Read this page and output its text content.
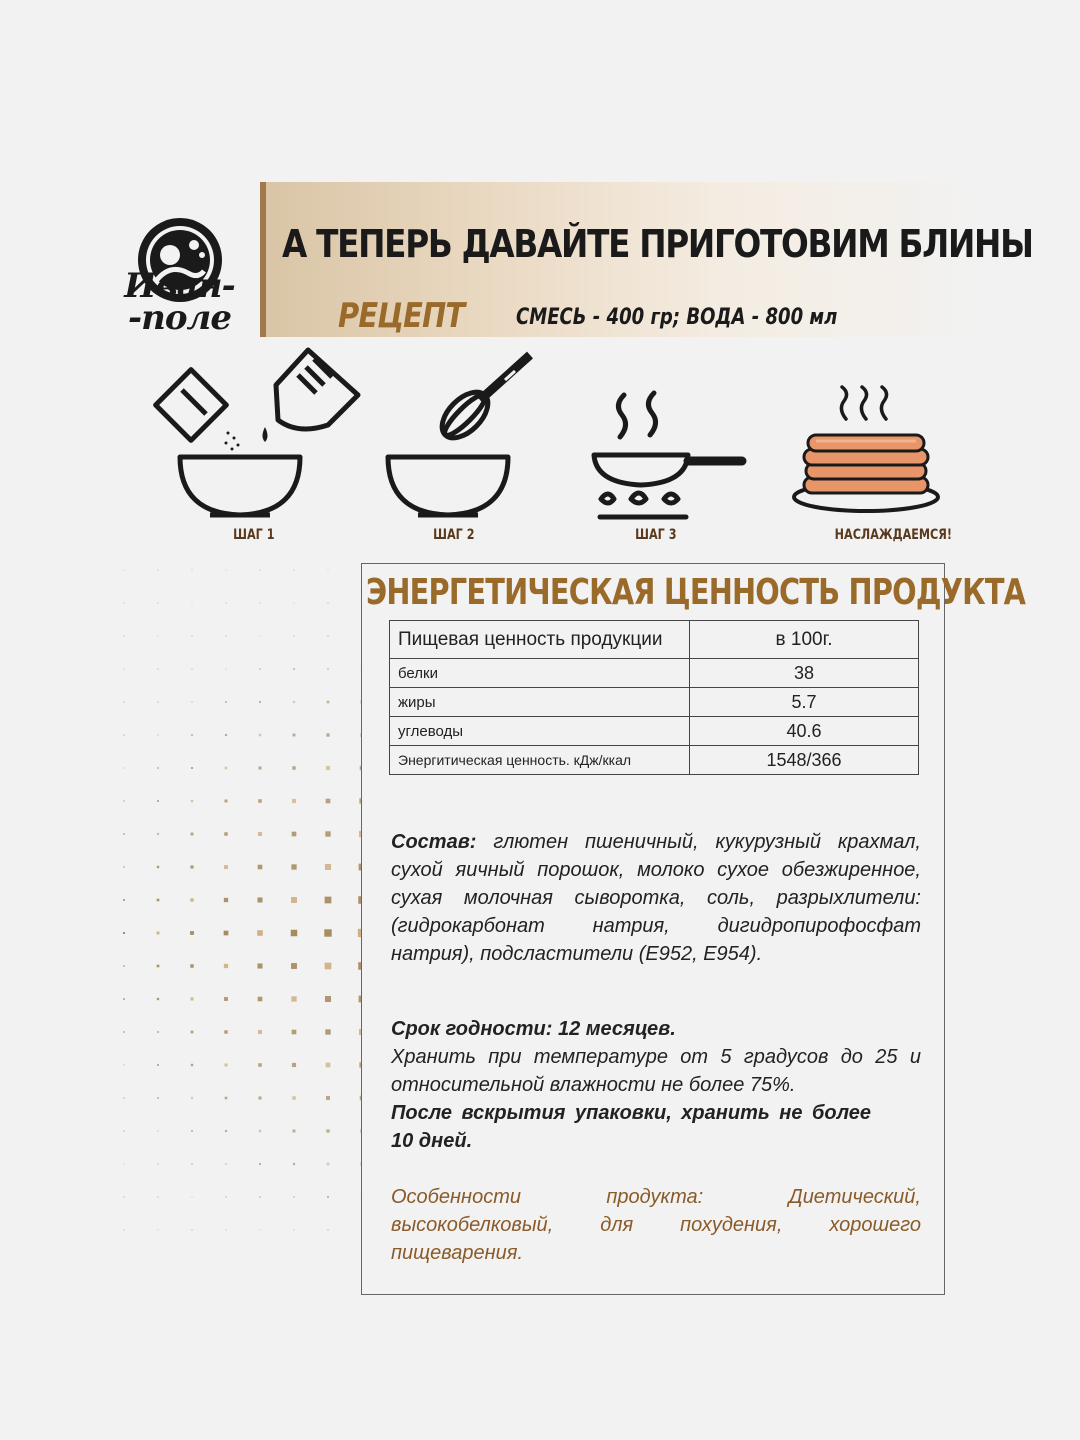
Иван-
-поле
А ТЕПЕРЬ ДАВАЙТЕ ПРИГОТОВИМ БЛИНЫ
РЕЦЕПТ СМЕСЬ - 400 гр; ВОДА - 800 мл
ШАГ 1	ШАГ 2	ШАГ 3	НАСЛАЖДАЕМСЯ!
ЭНЕРГЕТИЧЕСКАЯ ЦЕННОСТЬ ПРОДУКТА
Пищевая ценность продукции	в 100г.
белки	38
жиры	5.7
углеводы	40.6
Энергитическая ценность. кДж/ккал	1548/366
Состав: глютен пшеничный, кукурузный крахмал, сухой яичный порошок, молоко сухое обезжиренное, сухая молочная сыворотка, соль, разрыхлители: (гидрокарбонат натрия, дигидропирофосфат натрия), подсластители (Е952, Е954).
Срок годности: 12 месяцев.
Хранить при температуре от 5 градусов до 25 и относительной влажности не более 75%.
После вскрытия упаковки, хранить не более 10 дней.
Особенности продукта: Диетический, высокобелковый, для похудения, хорошего пищеварения.
